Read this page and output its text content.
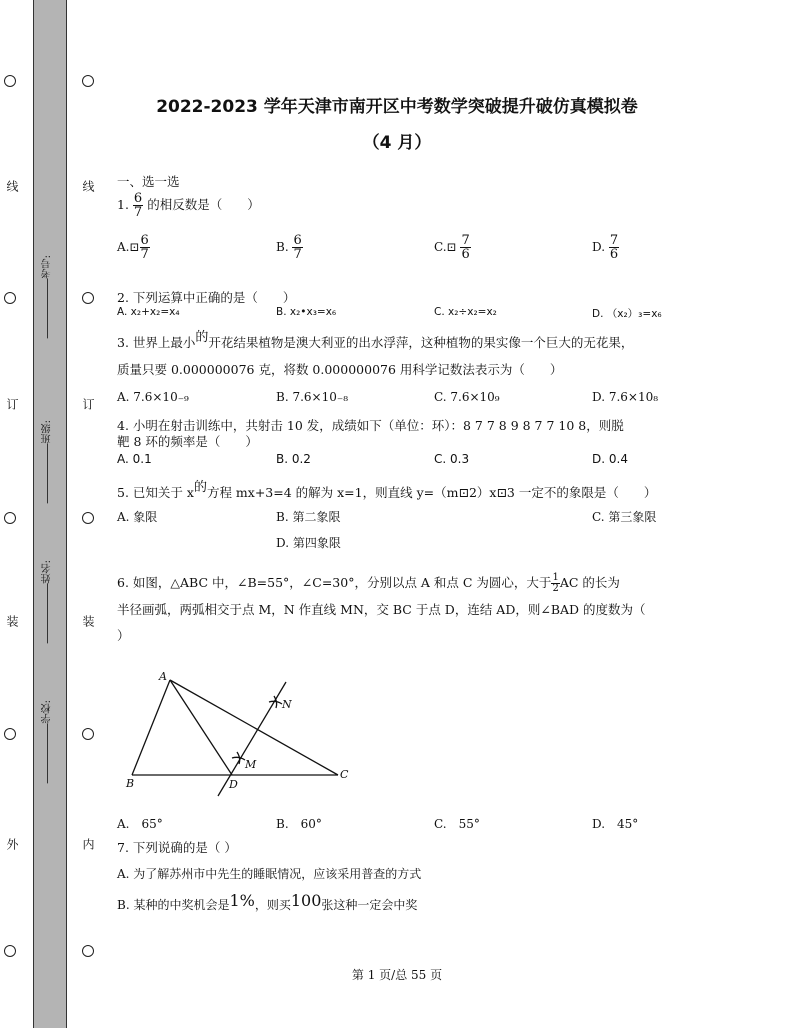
线
订
装
外
线
订
装
内
考号:
班级:
姓名:
学校:
2022-2023 学年天津市南开区中考数学突破提升破仿真模拟卷
（4 月）
一、选一选
1. $\frac{6}{7}$ 的相反数是（　　）
A.⊡ $\frac{6}{7}$	B. $\frac{6}{7}$	C.⊡ $\frac{7}{6}$	D. $\frac{7}{6}$
2. 下列运算中正确的是（　　）
A. x₂+x₂=x₄	B. x₂•x₃=x₆	C. x₂÷x₂=x₂	D. （x₂）₃=x₆
3. 世界上最小的开花结果植物是澳大利亚的出水浮萍，这种植物的果实像一个巨大的无花果，
质量只要 0.000000076 克，将数 0.000000076 用科学记数法表示为（　　）
A. 7.6×10₋₉	B. 7.6×10₋₈	C. 7.6×10₉	D. 7.6×10₈
4. 小明在射击训练中，共射击 10 发，成绩如下（单位：环）：8 7 7 8 9 8 7 7 10 8，则脱
靶 8 环的频率是（　　）
A. 0.1	B. 0.2	C. 0.3	D. 0.4
5. 已知关于 x的方程 mx+3=4 的解为 x=1，则直线 y=（m⊡2）x⊡3 一定不的象限是（　　）
A. 象限	B. 第二象限	C. 第三象限
D. 第四象限
6. 如图，△ABC 中，∠B=55°，∠C=30°，分别以点 A 和点 C 为圆心，大于 $\frac{1}{2}$ AC 的长为
半径画弧，两弧相交于点 M，N 作直线 MN，交 BC 于点 D，连结 AD，则∠BAD 的度数为（
）
A
B
C
D
M
N
A.　65°	B.　60°	C.　55°	D.　45°
7. 下列说确的是（ ）
A. 为了解苏州市中先生的睡眠情况，应该采用普查的方式
B. 某种的中奖机会是1%，则买100张这种一定会中奖
第 1 页/总 55 页
